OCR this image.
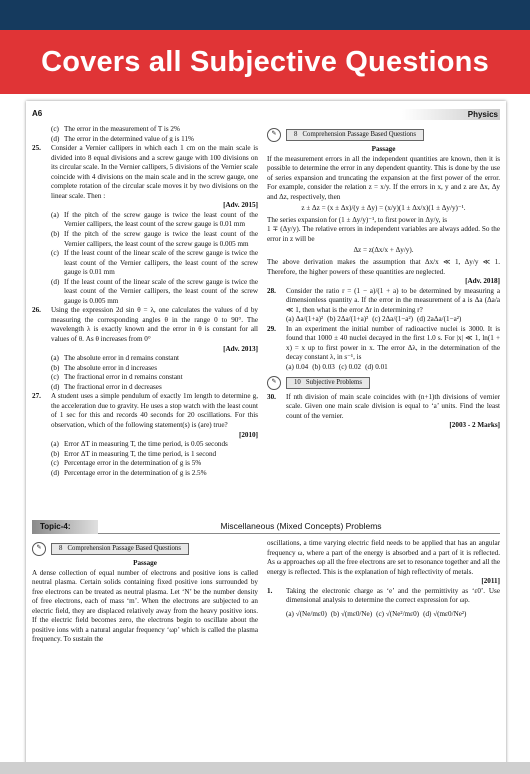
Covers all Subjective Questions
A6	Physics
(c) The error in the measurement of T is 2%
(d) The error in the determined value of g is 11%
25.	Consider a Vernier callipers in which each 1 cm on the main scale is divided into 8 equal divisions and a screw gauge with 100 divisions on its circular scale. In the Vernier callipers, 5 divisions of the Vernier scale coincide with 4 divisions on the main scale and in the screw gauge, one complete rotation of the circular scale moves it by two divisions on the linear scale. Then :
[Adv. 2015]
(a) If the pitch of the screw gauge is twice the least count of the Vernier callipers, the least count of the screw gauge is 0.01 mm
(b) If the pitch of the screw gauge is twice the least count of the Vernier callipers, the least count of the screw gauge is 0.005 mm
(c) If the least count of the linear scale of the screw gauge is twice the least count of the Vernier callipers, the least count of the screw gauge is 0.01 mm
(d) If the least count of the linear scale of the screw gauge is twice the least count of the Vernier callipers, the least count of the screw gauge is 0.005 mm
26.	Using the expression 2d sin θ = λ, one calculates the values of d by measuring the corresponding angles θ in the range 0 to 90°. The wavelength λ is exactly known and the error in θ is constant for all values of θ. As θ increases from 0°
[Adv. 2013]
(a) The absolute error in d remains constant
(b) The absolute error in d increases
(c) The fractional error in d remains constant
(d) The fractional error in d decreases
27.	A student uses a simple pendulum of exactly 1m length to determine g, the acceleration due to gravity. He uses a stop watch with the least count of 1 sec for this and records 40 seconds for 20 oscillations. For this observation, which of the following statement(s) is (are) true?
[2010]
(a) Error ΔT in measuring T, the time period, is 0.05 seconds
(b) Error ΔT in measuring T, the time period, is 1 second
(c) Percentage error in the determination of g is 5%
(d) Percentage error in the determination of g is 2.5%
✎	8 Comprehension Passage Based Questions
Passage
If the measurement errors in all the independent quantities are known, then it is possible to determine the error in any dependent quantity. This is done by the use of series expansion and truncating the expansion at the first power of the error. For example, consider the relation z = x/y. If the errors in x, y and z are Δx, Δy and Δz, respectively, then
z ± Δz = (x ± Δx)/(y ± Δy) = (x/y)(1 ± Δx/x)(1 ± Δy/y)⁻¹.
The series expansion for (1 ± Δy/y)⁻¹, to first power in Δy/y, is
1 ∓ (Δy/y). The relative errors in independent variables are always added. So the error in z will be
Δz = z(Δx/x + Δy/y).
The above derivation makes the assumption that Δx/x ≪ 1, Δy/y ≪ 1. Therefore, the higher powers of these quantities are neglected.
[Adv. 2018]
28.	Consider the ratio r = (1 − a)/(1 + a) to be determined by measuring a dimensionless quantity a. If the error in the measurement of a is Δa (Δa/a ≪ 1, then what is the error Δr in determining r?
(a) Δa/(1+a)² (b) 2Δa/(1+a)² (c) 2Δa/(1−a²) (d) 2aΔa/(1−a²)
29.	In an experiment the initial number of radioactive nuclei is 3000. It is found that 1000 ± 40 nuclei decayed in the first 1.0 s. For |x| ≪ 1, ln(1 + x) = x up to first power in x. The error Δλ, in the determination of the decay constant λ, in s⁻¹, is
(a) 0.04 (b) 0.03 (c) 0.02 (d) 0.01
✎	10 Subjective Problems
30.	If nth division of main scale coincides with (n+1)th divisions of vernier scale. Given one main scale division is equal to ‘a’ units. Find the least count of the vernier.
[2003 - 2 Marks]
Topic-4:	Miscellaneous (Mixed Concepts) Problems
✎	8 Comprehension Passage Based Questions
Passage
A dense collection of equal number of electrons and positive ions is called neutral plasma. Certain solids containing fixed positive ions surrounded by free electrons can be treated as neutral plasma. Let ‘N’ be the number density of free electrons, each of mass ‘m’. When the electrons are subjected to an electric field, they are displaced relatively away from the heavy positive ions. If the electric field becomes zero, the electrons begin to oscillate about the positive ions with a natural angular frequency ‘ωp’ which is called the plasma frequency. To sustain the
oscillations, a time varying electric field needs to be applied that has an angular frequency ω, where a part of the energy is absorbed and a part of it is reflected. As ω approaches ωp all the free electrons are set to resonance together and all the energy is reflected. This is the explanation of high reflectivity of metals.
[2011]
1.	Taking the electronic charge as ‘e’ and the permittivity as ‘ε0’. Use dimensional analysis to determine the correct expression for ωp.
(a) √(Ne/mε0) (b) √(mε0/Ne) (c) √(Ne²/mε0) (d) √(mε0/Ne²)
